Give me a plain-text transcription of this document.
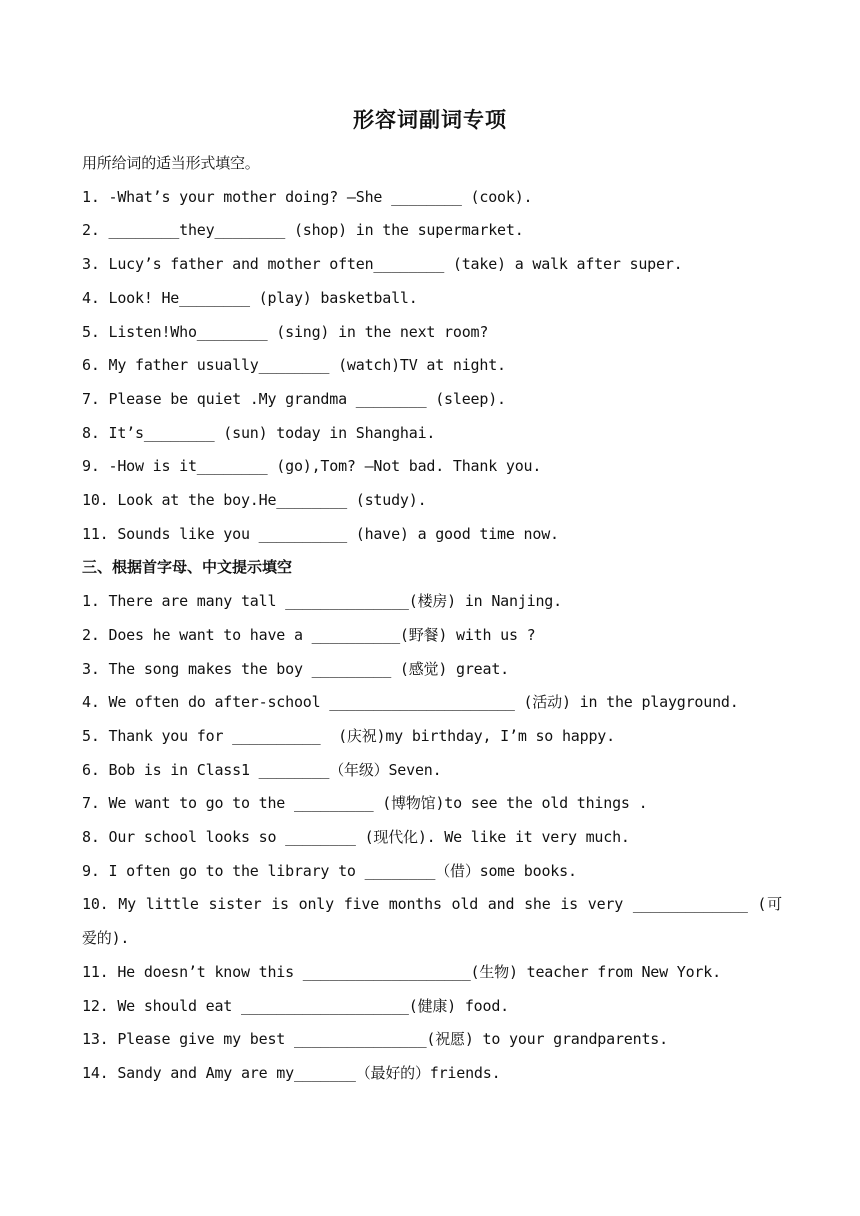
形容词副词专项
用所给词的适当形式填空。
1. -What’s your mother doing? –She ________ (cook).
2. ________they________ (shop) in the supermarket.
3. Lucy’s father and mother often________ (take) a walk after super.
4. Look! He________ (play) basketball.
5. Listen!Who________ (sing) in the next room?
6. My father usually________ (watch)TV at night.
7. Please be quiet .My grandma ________ (sleep).
8. It’s________ (sun) today in Shanghai.
9. -How is it________ (go),Tom? –Not bad. Thank you.
10. Look at the boy.He________ (study).
11. Sounds like you __________ (have) a good time now.
三、根据首字母、中文提示填空
1. There are many tall ______________(楼房) in Nanjing.
2. Does he want to have a __________(野餐) with us ?
3. The song makes the boy _________ (感觉) great.
4. We often do after-school _____________________ (活动) in the playground.
5. Thank you for __________  (庆祝)my birthday, I’m so happy.
6. Bob is in Class1 ________（年级）Seven.
7. We want to go to the _________ (博物馆)to see the old things .
8. Our school looks so ________ (现代化). We like it very much.
9. I often go to the library to ________（借）some books.
10. My little sister is only five months old and she is very _____________ (可爱的).
11. He doesn’t know this ___________________(生物) teacher from New York.
12. We should eat ___________________(健康) food.
13. Please give my best _______________(祝愿) to your grandparents.
14. Sandy and Amy are my_______（最好的）friends.
